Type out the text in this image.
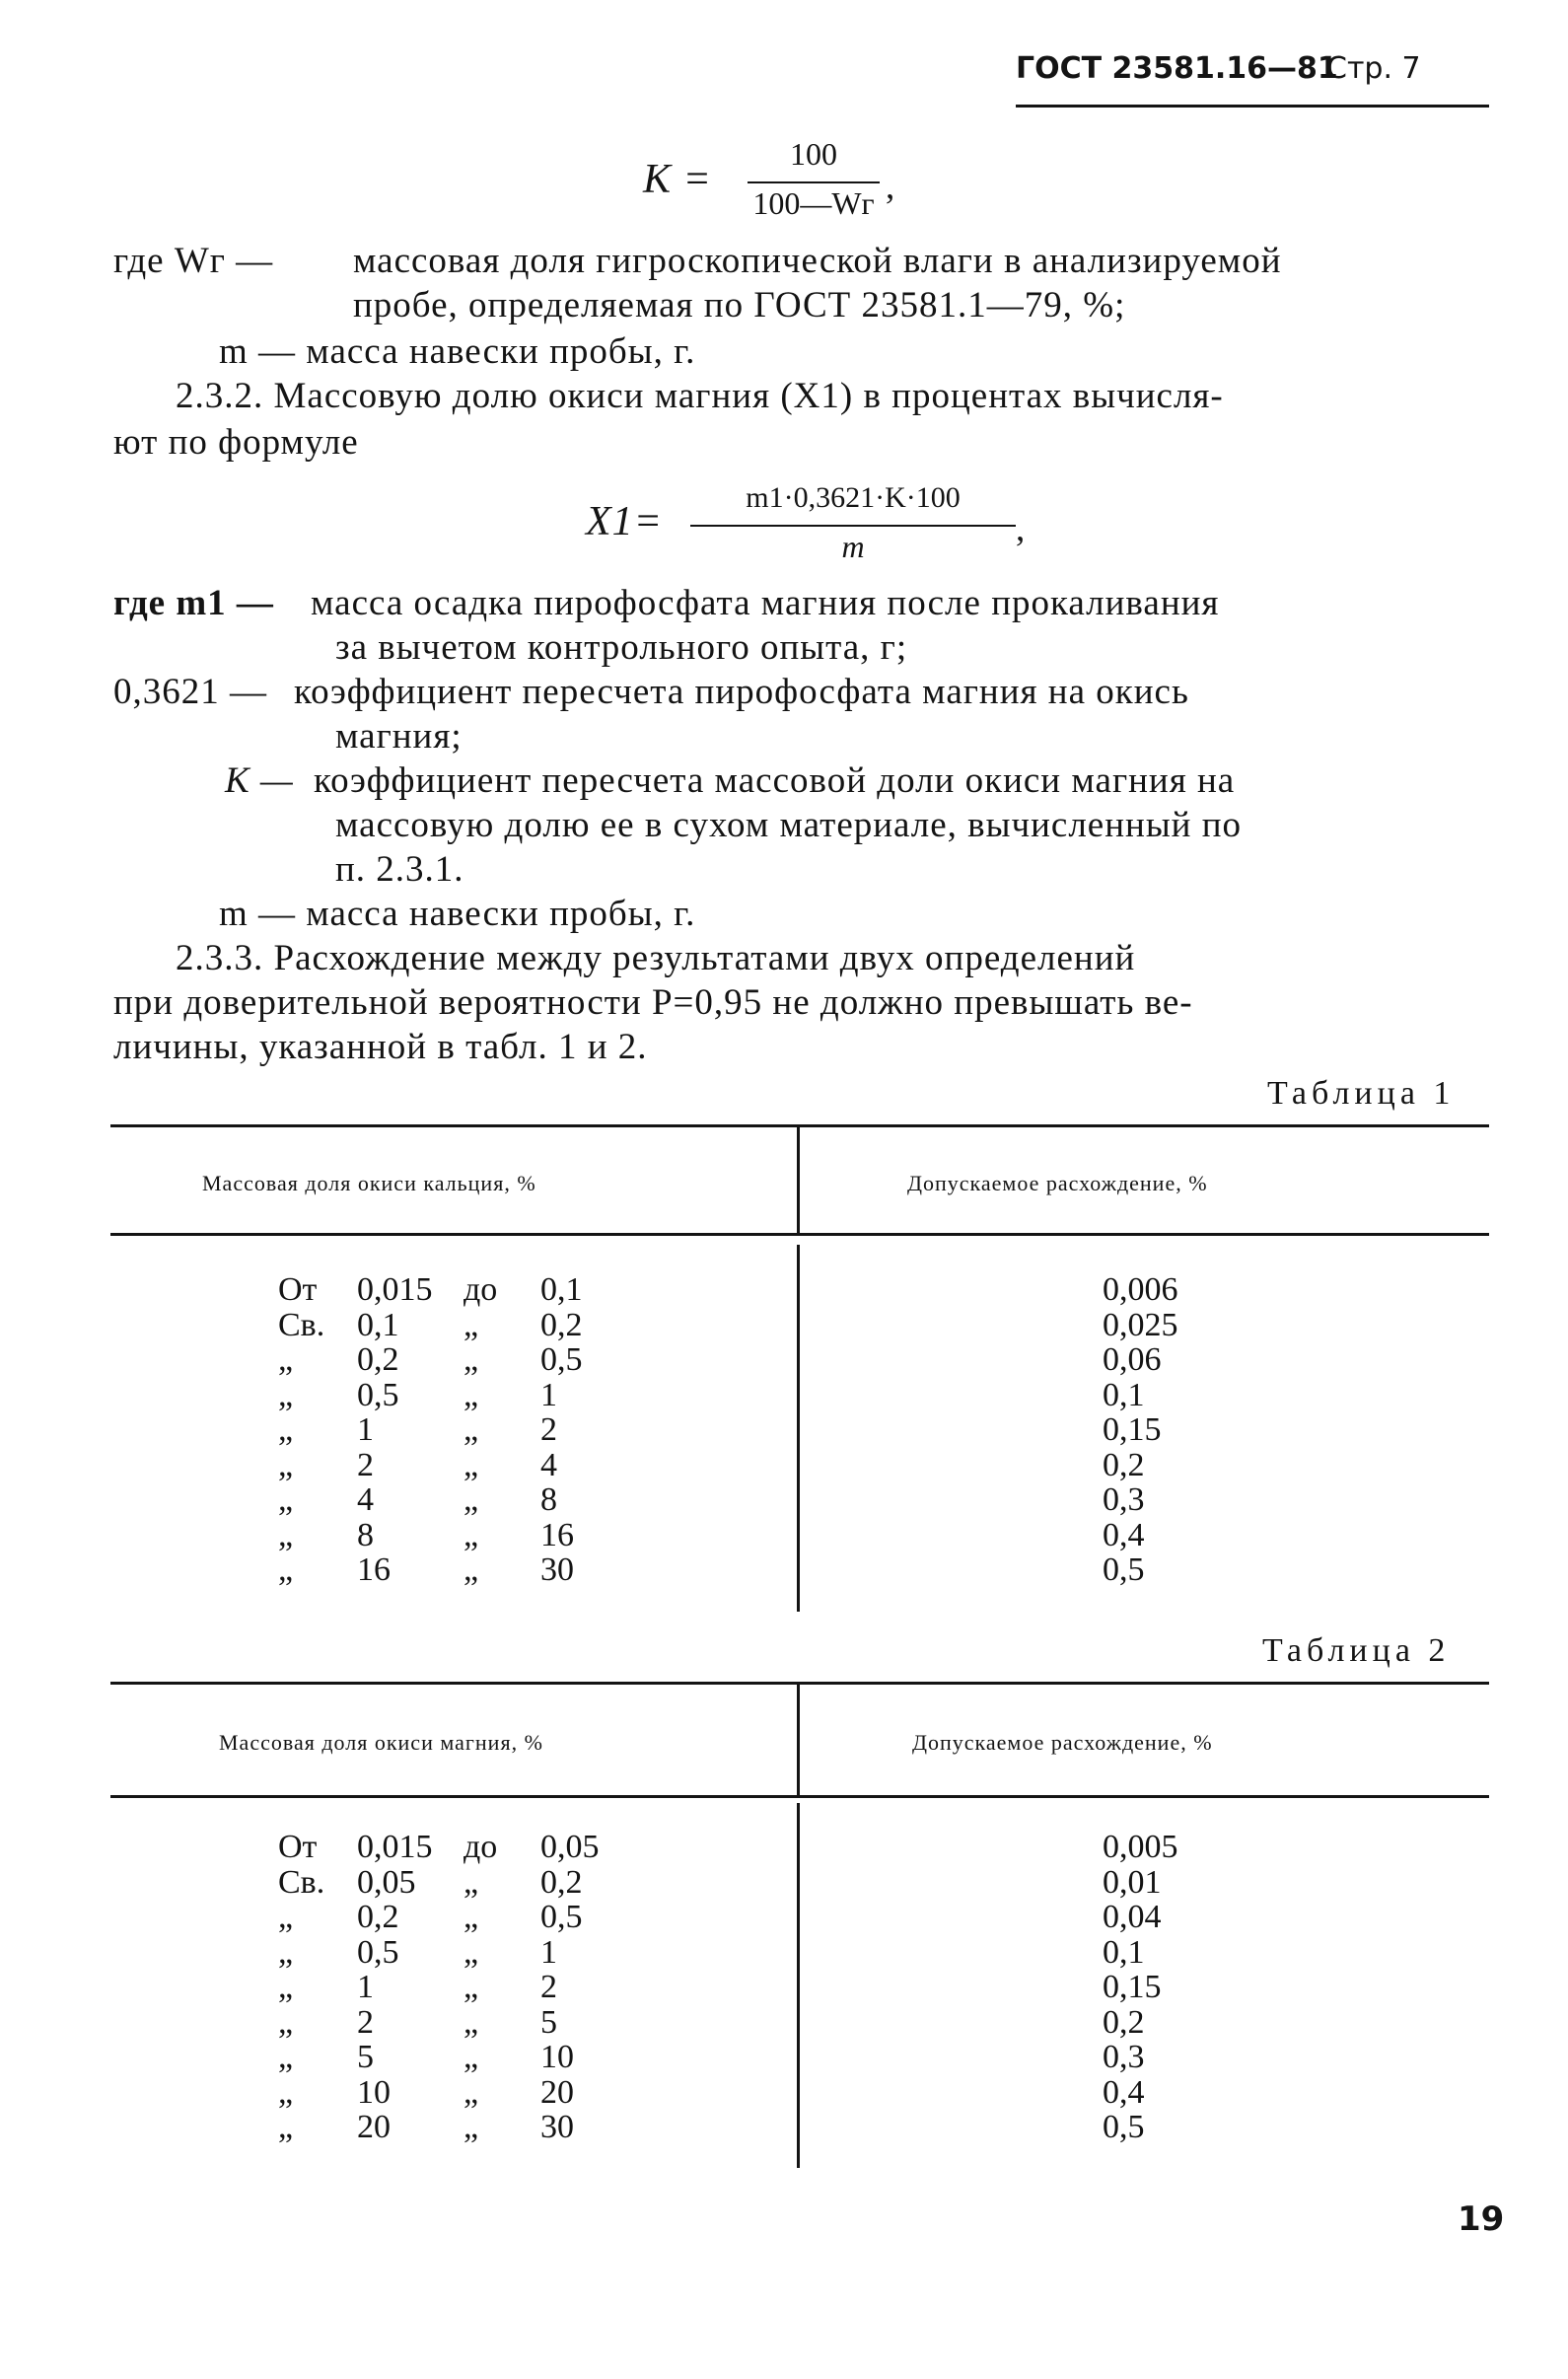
ГОСТ 23581.16—81
Стр. 7
K =
100
100—Wг ,
где Wг — массовая доля гигроскопической влаги в анализируемой
пробе, определяемая по ГОСТ 23581.1—79, %;
m — масса навески пробы, г.
2.3.2. Массовую долю окиси магния (X1) в процентах вычисля-
ют по формуле
X1=
m1·0,3621·K·100
m	,
где m1 — масса осадка пирофосфата магния после прокаливания
за вычетом контрольного опыта, г;
0,3621 — коэффициент пересчета пирофосфата магния на окись
магния;
K — коэффициент пересчета массовой доли окиси магния на
массовую долю ее в сухом материале, вычисленный по
п. 2.3.1.
m — масса навески пробы, г.
2.3.3. Расхождение между результатами двух определений
при доверительной вероятности P=0,95 не должно превышать ве-
личины, указанной в табл. 1 и 2.
Таблица 1
Массовая доля окиси кальция, %	Допускаемое расхождение, %
От 0,015 до 0,1	0,006
Св. 0,1 „ 0,2	0,025
„ 0,2 „ 0,5	0,06
„ 0,5 „ 1	0,1
„ 1	„ 2	0,15
„ 2	„ 4	0,2
„ 4	„ 8	0,3
„ 8	„ 16	0,4
„ 16 „ 30	0,5
Таблица 2
Массовая доля окиси магния, %	Допускаемое расхождение, %
От 0,015 до 0,05	0,005
Св. 0,05 „ 0,2	0,01
„ 0,2 „ 0,5	0,04
„ 0,5 „ 1	0,1
„ 1	„ 2	0,15
„ 2	„ 5	0,2
„ 5	„ 10	0,3
„ 10 „ 20	0,4
„ 20 „ 30	0,5
19
